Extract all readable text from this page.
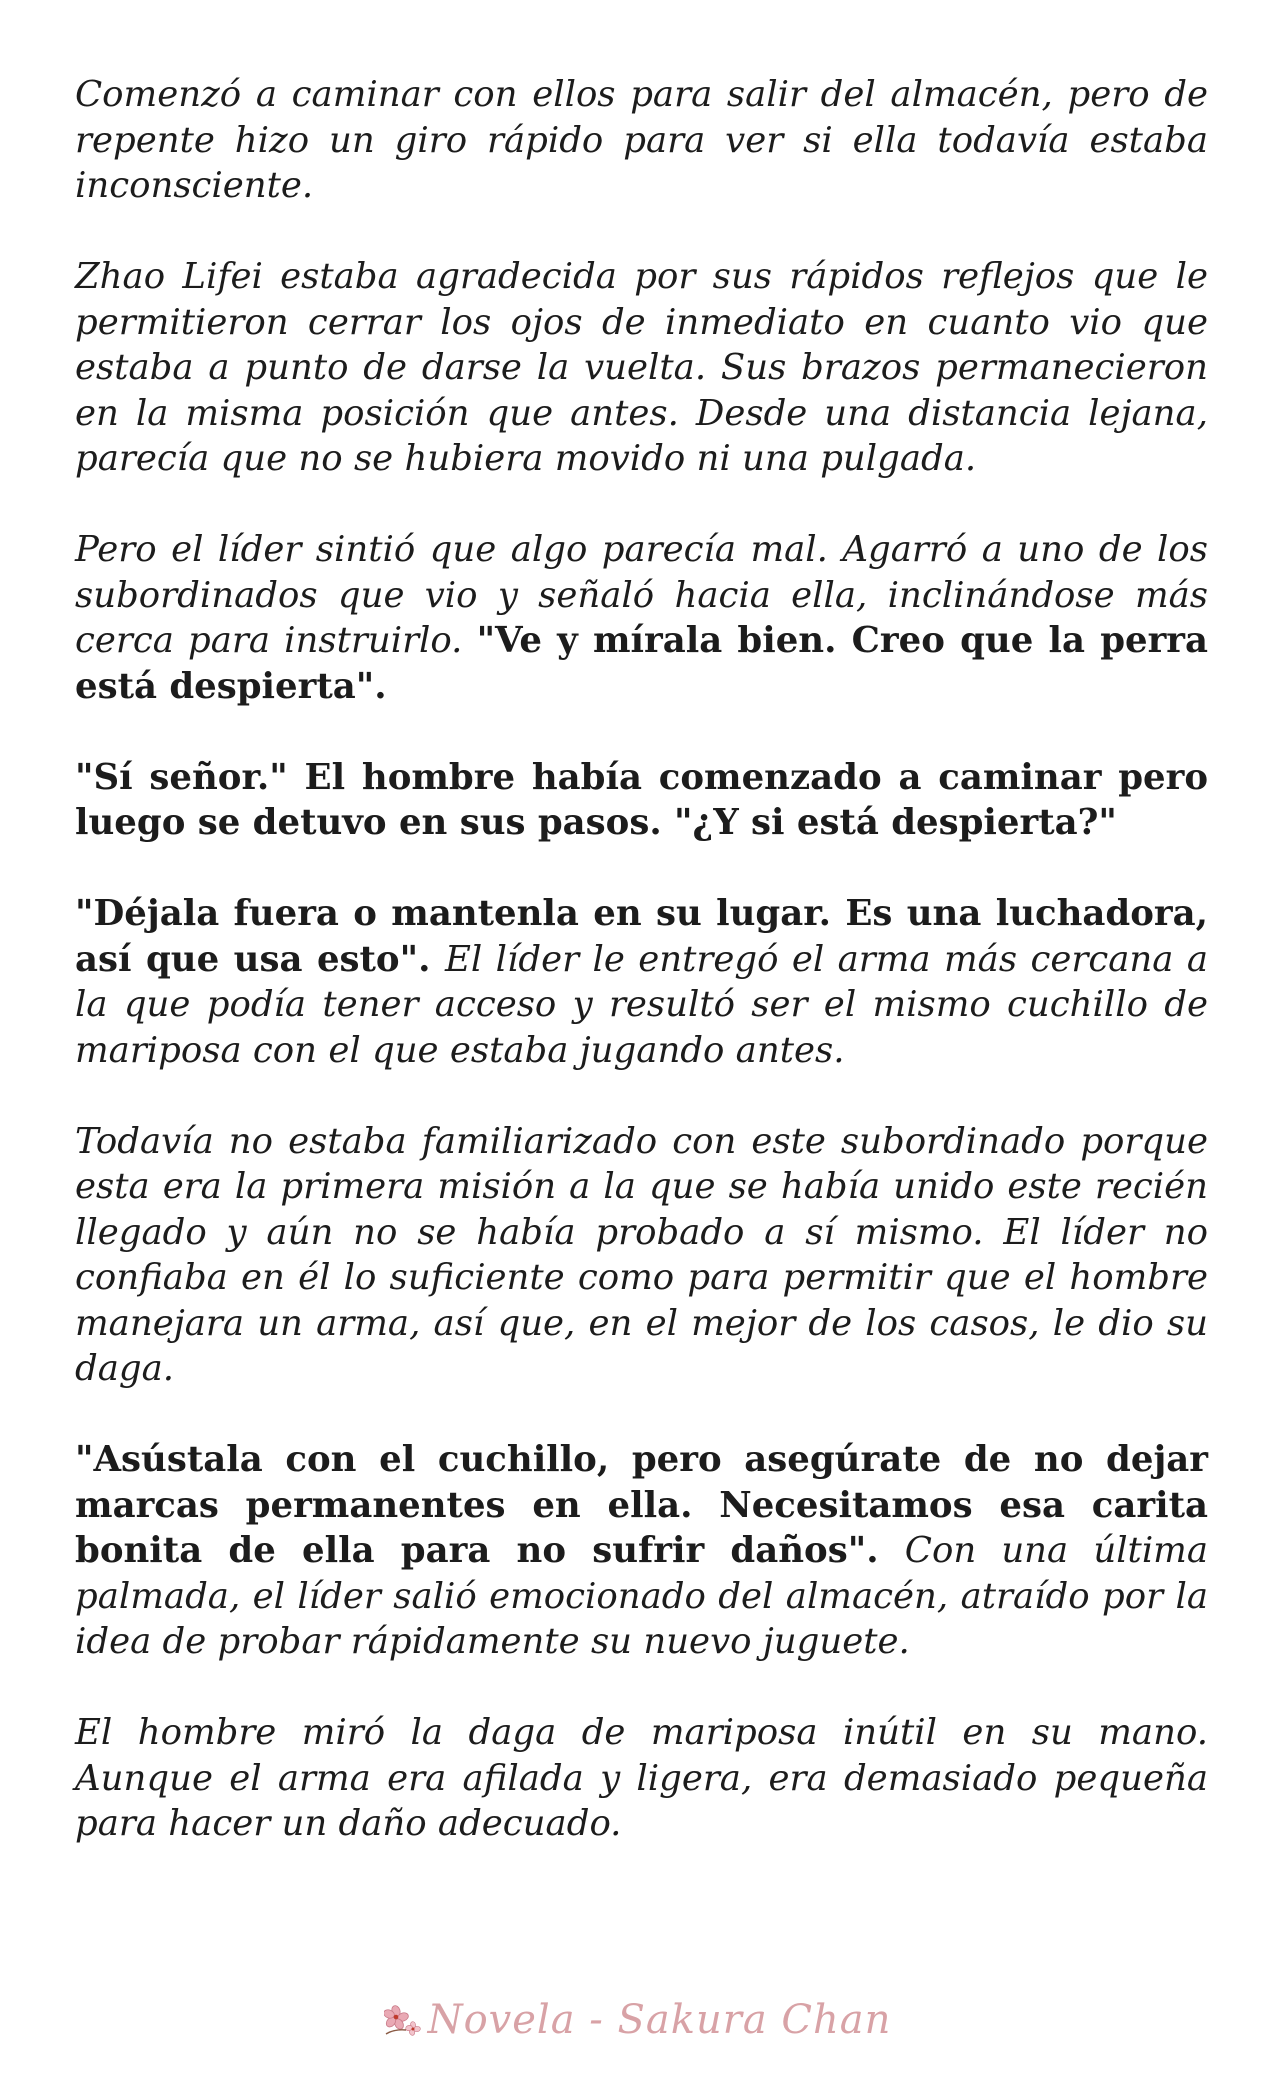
Comenzó a caminar con ellos para salir del almacén, pero de repente hizo un giro rápido para ver si ella todavía estaba inconsciente.

Zhao Lifei estaba agradecida por sus rápidos reflejos que le permitieron cerrar los ojos de inmediato en cuanto vio que estaba a punto de darse la vuelta. Sus brazos permanecieron en la misma posición que antes. Desde una distancia lejana, parecía que no se hubiera movido ni una pulgada.

Pero el líder sintió que algo parecía mal. Agarró a uno de los subordinados que vio y señaló hacia ella, inclinándose más cerca para instruirlo. "Ve y mírala bien. Creo que la perra está despierta".

"Sí señor." El hombre había comenzado a caminar pero luego se detuvo en sus pasos. "¿Y si está despierta?"

"Déjala fuera o mantenla en su lugar. Es una luchadora, así que usa esto". El líder le entregó el arma más cercana a la que podía tener acceso y resultó ser el mismo cuchillo de mariposa con el que estaba jugando antes.

Todavía no estaba familiarizado con este subordinado porque esta era la primera misión a la que se había unido este recién llegado y aún no se había probado a sí mismo. El líder no confiaba en él lo suficiente como para permitir que el hombre manejara un arma, así que, en el mejor de los casos, le dio su daga.

"Asústala con el cuchillo, pero asegúrate de no dejar marcas permanentes en ella. Necesitamos esa carita bonita de ella para no sufrir daños". Con una última palmada, el líder salió emocionado del almacén, atraído por la idea de probar rápidamente su nuevo juguete.

El hombre miró la daga de mariposa inútil en su mano. Aunque el arma era afilada y ligera, era demasiado pequeña para hacer un daño adecuado.

Novela - Sakura Chan
